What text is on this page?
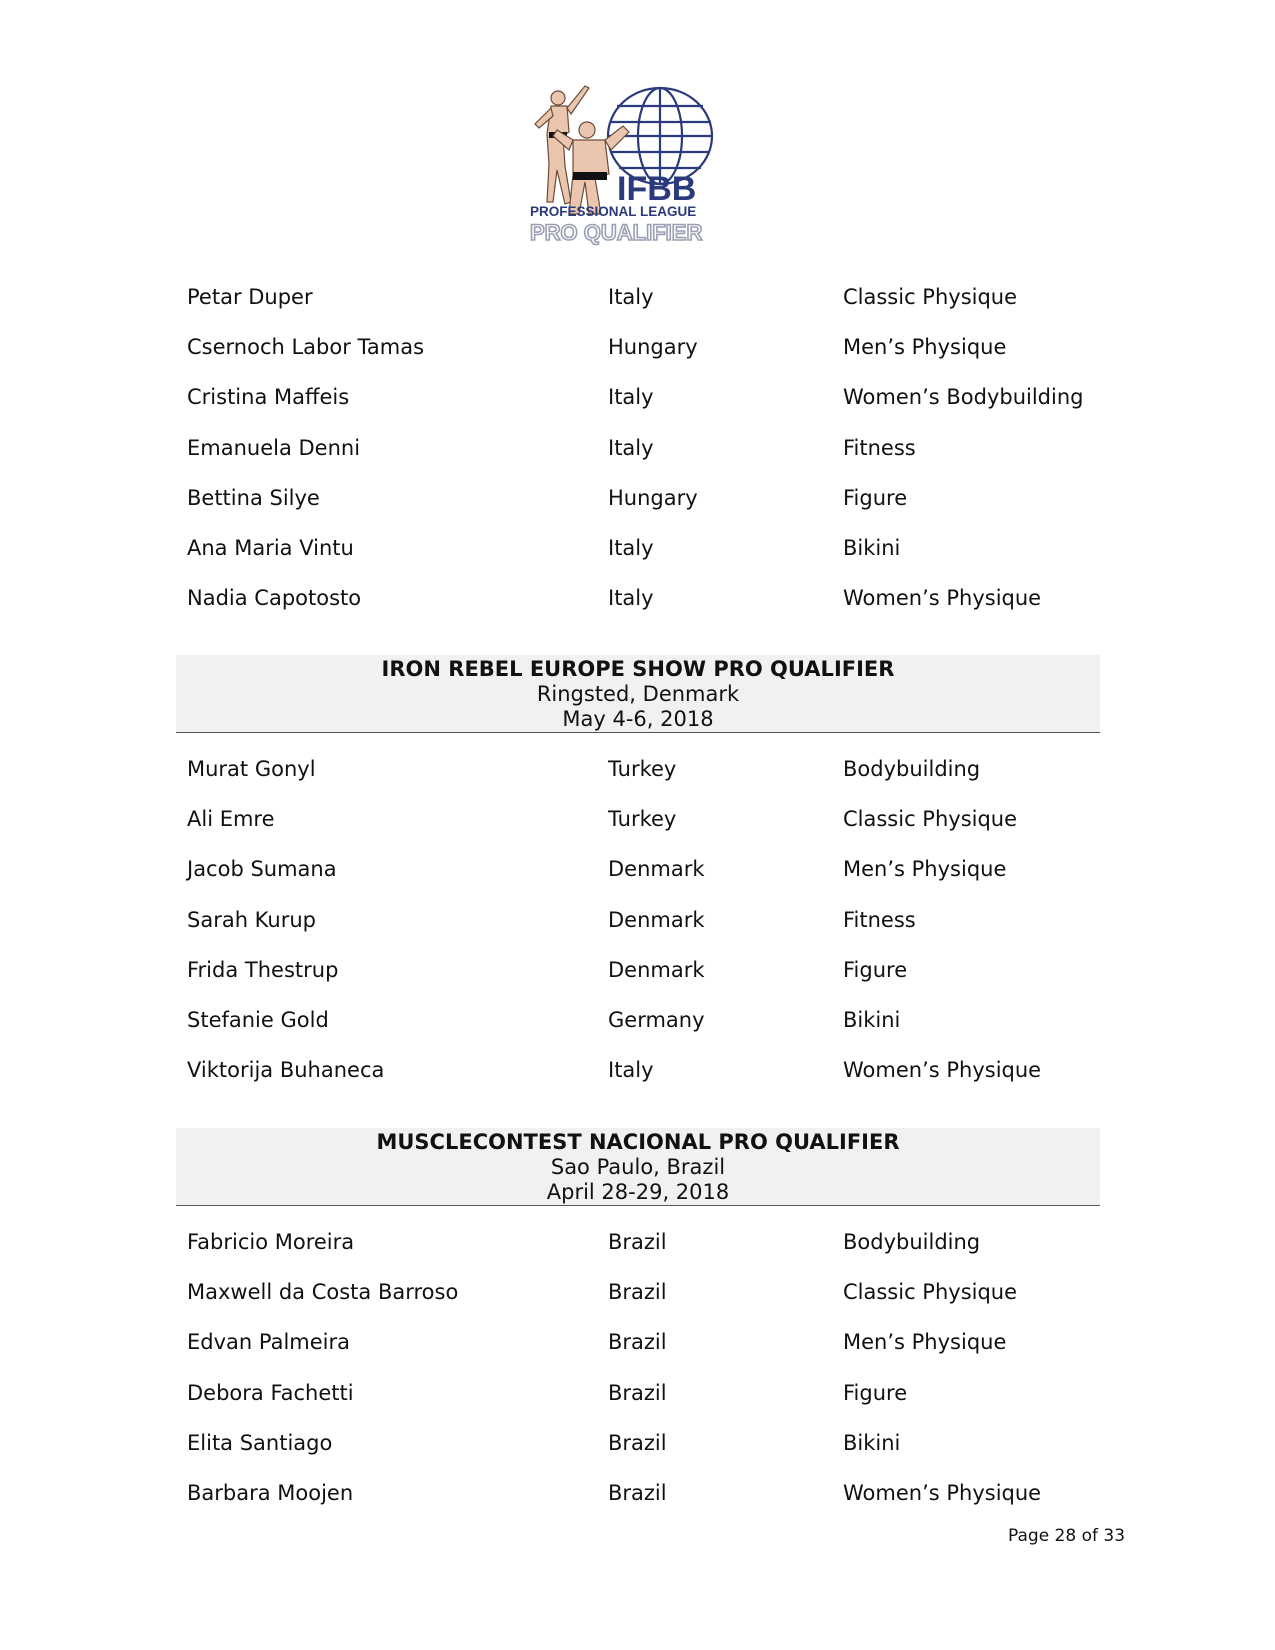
IFBB
PROFESSIONAL LEAGUE
PRO QUALIFIER
Petar Duper	Italy	Classic Physique
Csernoch Labor Tamas	Hungary	Men’s Physique
Cristina Maffeis	Italy	Women’s Bodybuilding
Emanuela Denni	Italy	Fitness
Bettina Silye	Hungary	Figure
Ana Maria Vintu	Italy	Bikini
Nadia Capotosto	Italy	Women’s Physique
IRON REBEL EUROPE SHOW PRO QUALIFIER
Ringsted, Denmark
May 4-6, 2018
Murat Gonyl	Turkey	Bodybuilding
Ali Emre	Turkey	Classic Physique
Jacob Sumana	Denmark	Men’s Physique
Sarah Kurup	Denmark	Fitness
Frida Thestrup	Denmark	Figure
Stefanie Gold	Germany	Bikini
Viktorija Buhaneca	Italy	Women’s Physique
MUSCLECONTEST NACIONAL PRO QUALIFIER
Sao Paulo, Brazil
April 28-29, 2018
Fabricio Moreira	Brazil	Bodybuilding
Maxwell da Costa Barroso	Brazil	Classic Physique
Edvan Palmeira	Brazil	Men’s Physique
Debora Fachetti	Brazil	Figure
Elita Santiago	Brazil	Bikini
Barbara Moojen	Brazil	Women’s Physique
Page 28 of 33
